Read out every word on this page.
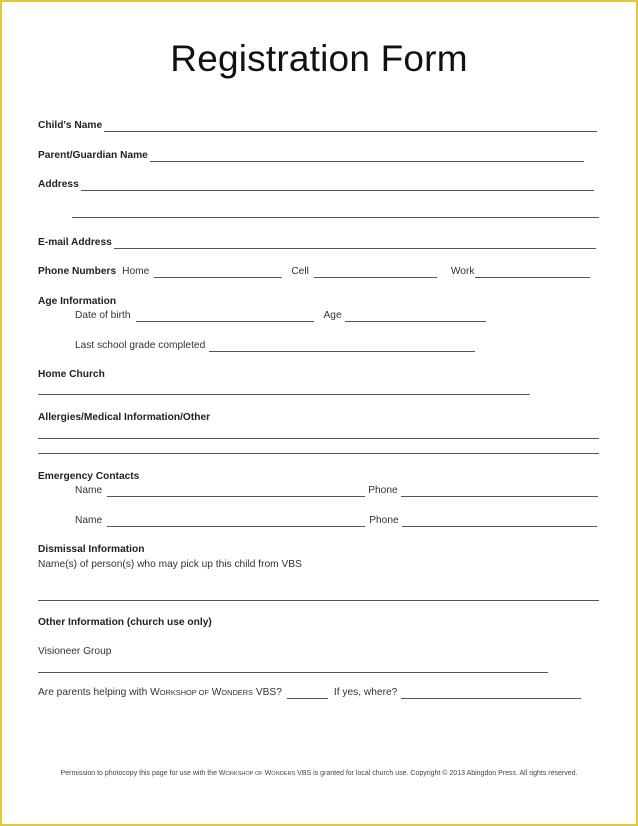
Registration Form
Child's Name
Parent/Guardian Name
Address
E-mail Address
Phone Numbers Home	Cell	Work
Age Information
Date of birth	Age
Last school grade completed
Home Church
Allergies/Medical Information/Other
Emergency Contacts
Name	Phone
Name	Phone
Dismissal Information
Name(s) of person(s) who may pick up this child from VBS
Other Information (church use only)
Visioneer Group
Are parents helping with WORKSHOP OF WONDERS VBS?	If yes, where?
Permission to photocopy this page for use with the WORKSHOP OF WONDERS VBS is granted for local church use. Copyright © 2013 Abingdon Press. All rights reserved.
